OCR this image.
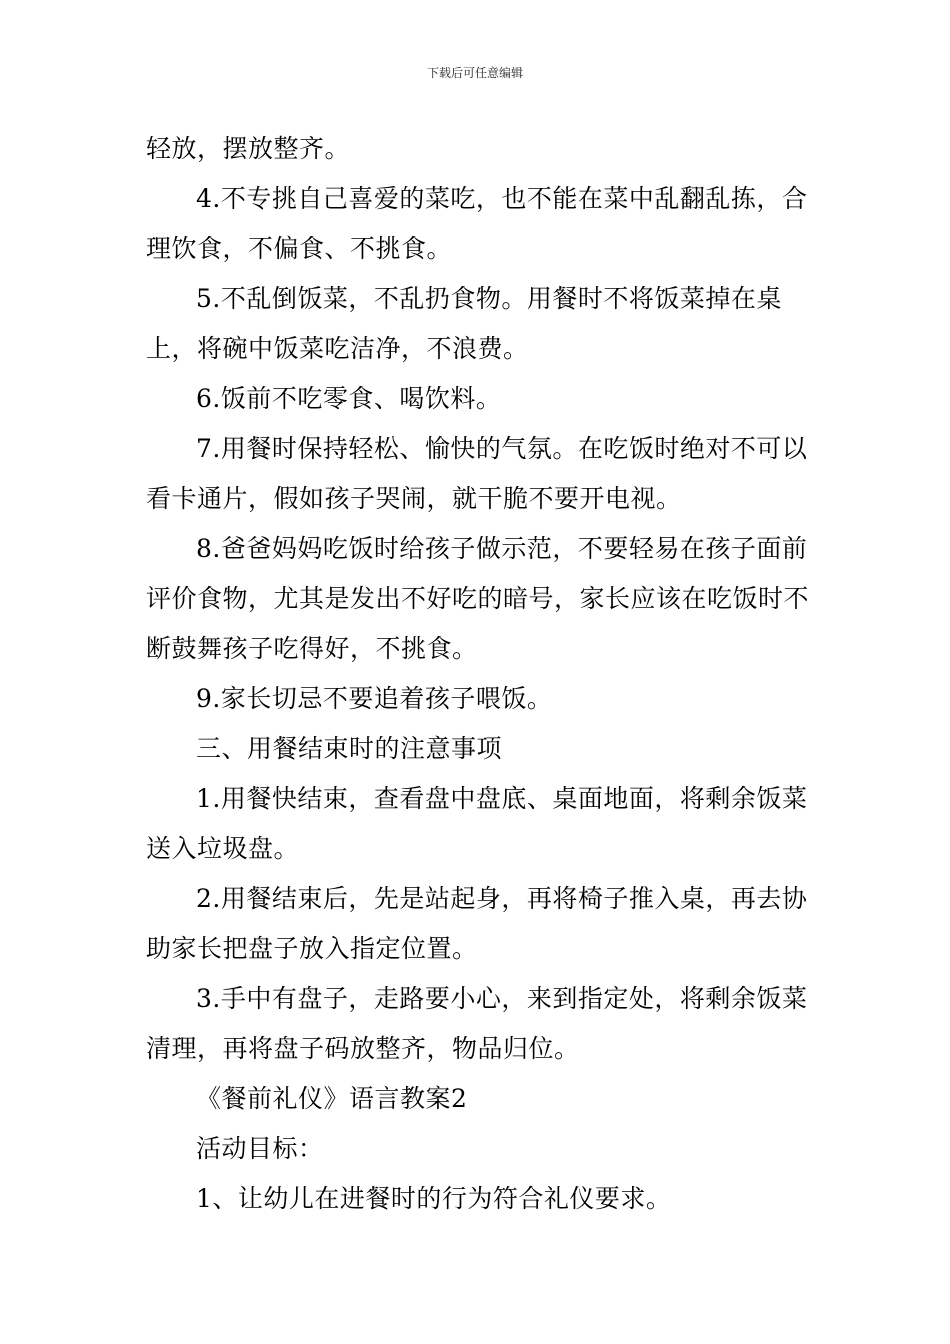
下载后可任意编辑

轻放，摆放整齐。

4.不专挑自己喜爱的菜吃，也不能在菜中乱翻乱拣，合理饮食，不偏食、不挑食。

5.不乱倒饭菜，不乱扔食物。用餐时不将饭菜掉在桌上，将碗中饭菜吃洁净，不浪费。

6.饭前不吃零食、喝饮料。

7.用餐时保持轻松、愉快的气氛。在吃饭时绝对不可以看卡通片，假如孩子哭闹，就干脆不要开电视。

8.爸爸妈妈吃饭时给孩子做示范，不要轻易在孩子面前评价食物，尤其是发出不好吃的暗号，家长应该在吃饭时不断鼓舞孩子吃得好，不挑食。

9.家长切忌不要追着孩子喂饭。

三、用餐结束时的注意事项

1.用餐快结束，查看盘中盘底、桌面地面，将剩余饭菜送入垃圾盘。

2.用餐结束后，先是站起身，再将椅子推入桌，再去协助家长把盘子放入指定位置。

3.手中有盘子，走路要小心，来到指定处，将剩余饭菜清理，再将盘子码放整齐，物品归位。

《餐前礼仪》语言教案2

活动目标：

1、让幼儿在进餐时的行为符合礼仪要求。
